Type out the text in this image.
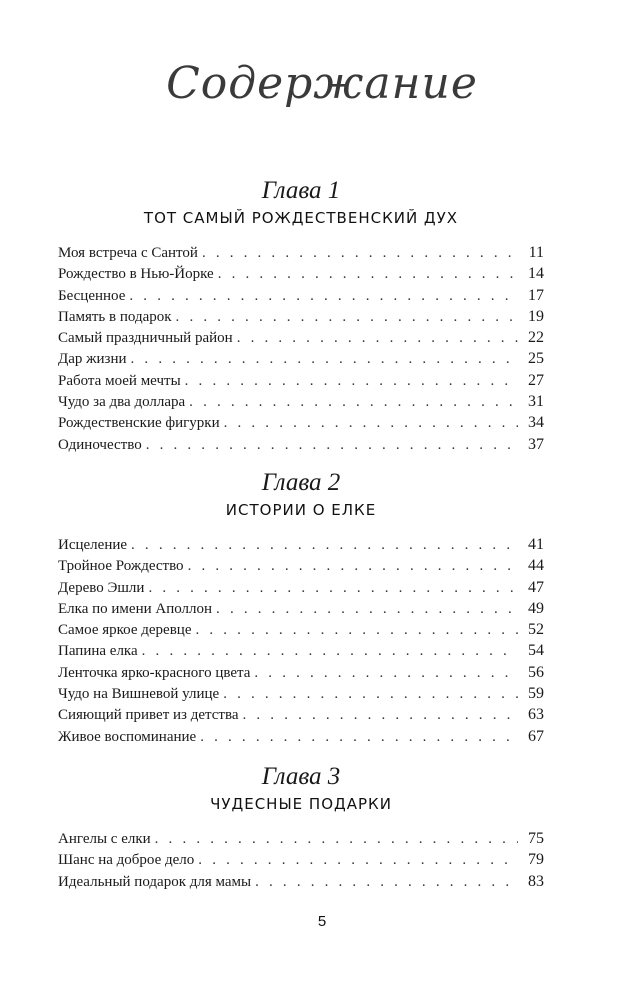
Содержание
Глава 1
ТОТ САМЫЙ РОЖДЕСТВЕНСКИЙ ДУХ
Моя встреча с Сантой . . .	11
Рождество в Нью-Йорке . . .	14
Бесценное . . .	17
Память в подарок . . .	19
Самый праздничный район . . .	22
Дар жизни . . .	25
Работа моей мечты . . .	27
Чудо за два доллара . . .	31
Рождественские фигурки . . .	34
Одиночество . . .	37
Глава 2
ИСТОРИИ О ЕЛКЕ
Исцеление . . .	41
Тройное Рождество . . .	44
Дерево Эшли . . .	47
Елка по имени Аполлон . . .	49
Самое яркое деревце . . .	52
Папина елка . . .	54
Ленточка ярко-красного цвета . . .	56
Чудо на Вишневой улице . . .	59
Сияющий привет из детства . . .	63
Живое воспоминание . . .	67
Глава 3
ЧУДЕСНЫЕ ПОДАРКИ
Ангелы с елки . . .	75
Шанс на доброе дело . . .	79
Идеальный подарок для мамы . . .	83
5
